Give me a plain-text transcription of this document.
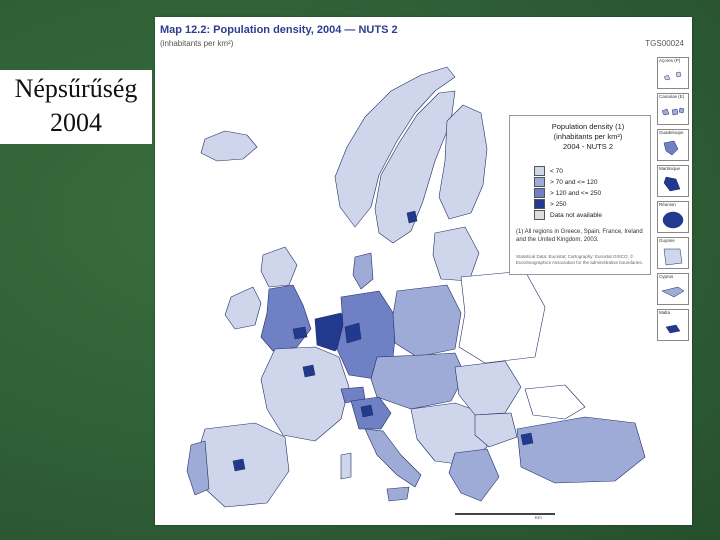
Népsűrűség
2004
Map 12.2: Population density, 2004 — NUTS 2
(inhabitants per km²)	TGS00024
Population density (1)
(inhabitants per km²)
2004 - NUTS 2
< 70
> 70 and <= 120
> 120 and <= 250
> 250
Data not available
(1) All regions in Greece, Spain, France, Ireland and the United Kingdom, 2003.
Statistical Data: Eurostat; Cartography: Eurostat GISCO; © EuroGeographics Association for the administrative boundaries.
Açores (P)
Canarias (E)
Guadeloupe
Martinique
Réunion
Guyane
Cyprus
Malta
Km
